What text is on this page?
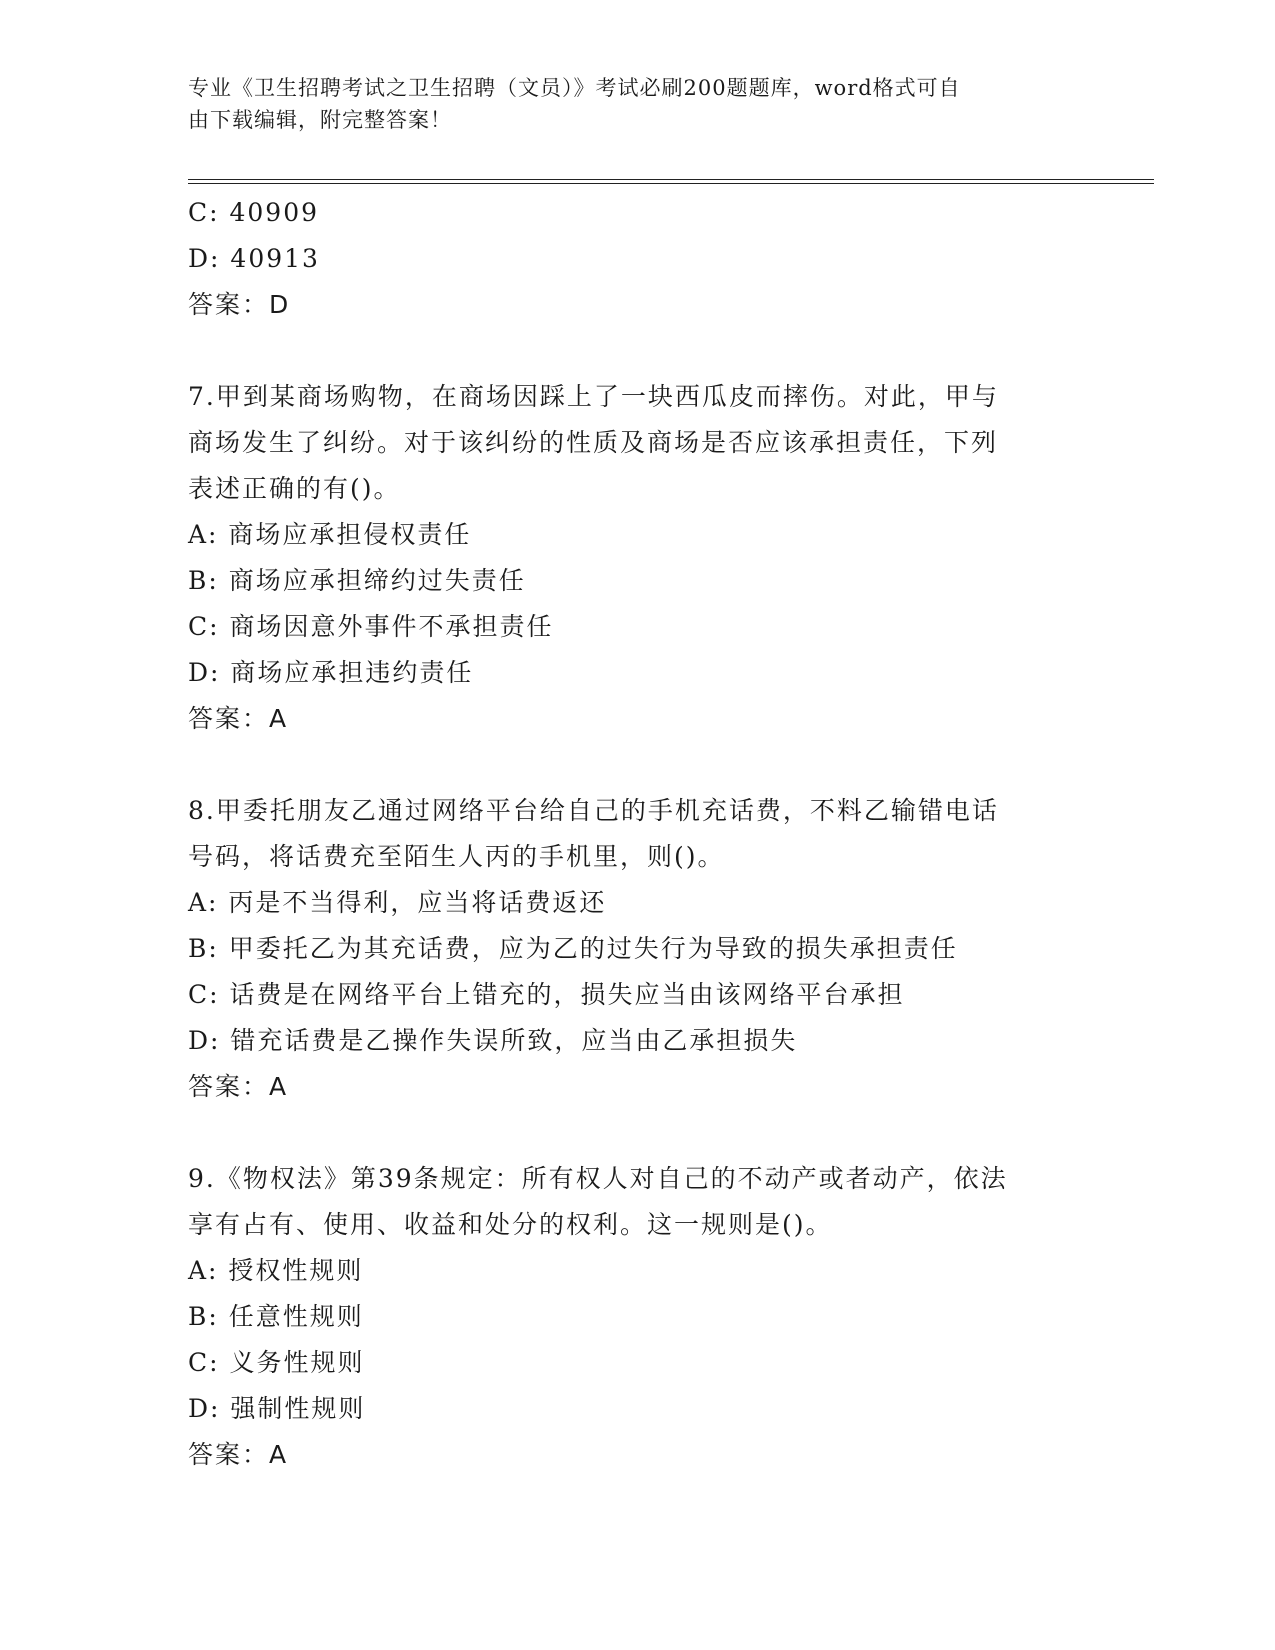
专业《卫生招聘考试之卫生招聘（文员）》考试必刷200题题库，word格式可自
由下载编辑，附完整答案！
C: 40909
D: 40913
答案：D
7.甲到某商场购物，在商场因踩上了一块西瓜皮而摔伤。对此，甲与
商场发生了纠纷。对于该纠纷的性质及商场是否应该承担责任，下列
表述正确的有()。
A: 商场应承担侵权责任
B: 商场应承担缔约过失责任
C: 商场因意外事件不承担责任
D: 商场应承担违约责任
答案：A
8.甲委托朋友乙通过网络平台给自己的手机充话费，不料乙输错电话
号码，将话费充至陌生人丙的手机里，则()。
A: 丙是不当得利，应当将话费返还
B: 甲委托乙为其充话费，应为乙的过失行为导致的损失承担责任
C: 话费是在网络平台上错充的，损失应当由该网络平台承担
D: 错充话费是乙操作失误所致，应当由乙承担损失
答案：A
9.《物权法》第39条规定：所有权人对自己的不动产或者动产，依法
享有占有、使用、收益和处分的权利。这一规则是()。
A: 授权性规则
B: 任意性规则
C: 义务性规则
D: 强制性规则
答案：A
